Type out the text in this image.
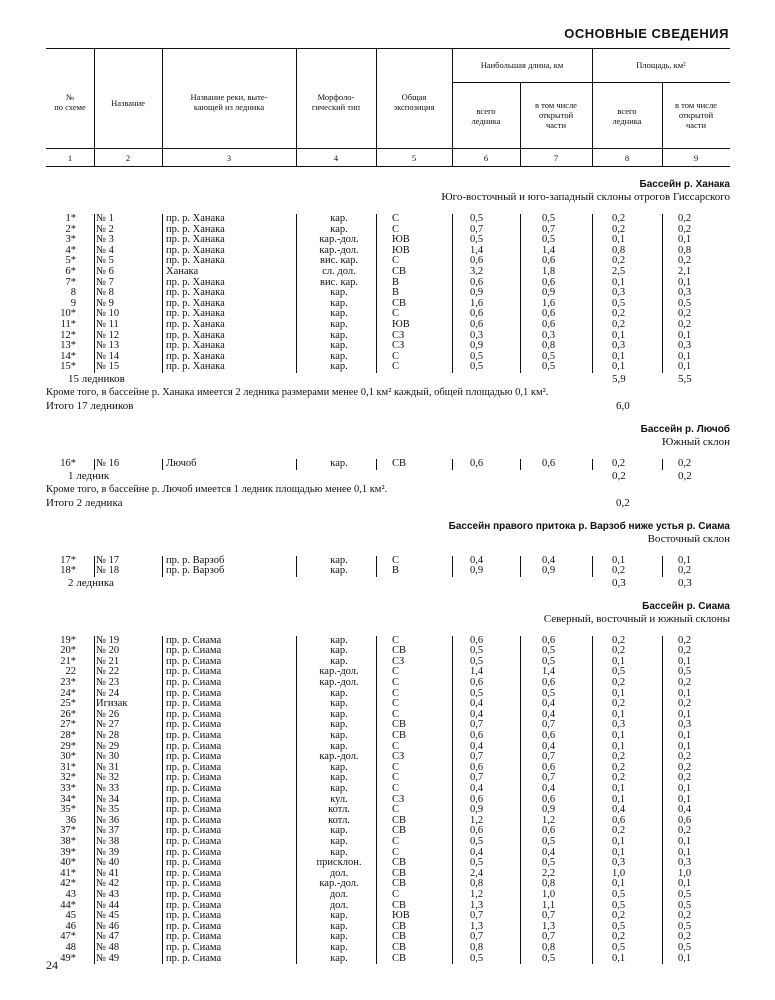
ОСНОВНЫЕ СВЕДЕНИЯ
№
по схеме	Название
Название реки, выте-
кающей из ледника
Морфоло-
гический тип
Общая
экспозиция
Наибольшая длина, км	Площадь, км²
всего
ледника
в том числе
открытой
части
всего
ледника
в том числе
открытой
части
1	2	3	4	5	6	7	8	9
Бассейн р. Ханака
Юго-восточный и юго-западный склоны отрогов Гиссарского
1* № 1	пр. р. Ханака	кар.	С	0,5	0,5	0,2	0,2
2* № 2	пр. р. Ханака	кар.	С	0,7	0,7	0,2	0,2
3* № 3	пр. р. Ханака	кар.-дол.	ЮВ	0,5	0,5	0,1	0,1
4* № 4	пр. р. Ханака	кар.-дол.	ЮВ	1,4	1,4	0,8	0,8
5* № 5	пр. р. Ханака	вис. кар.	С	0,6	0,6	0,2	0,2
6* № 6	Ханака	сл. дол.	СВ	3,2	1,8	2,5	2,1
7* № 7	пр. р. Ханака	вис. кар.	В	0,6	0,6	0,1	0,1
8 № 8	пр. р. Ханака	кар.	В	0,9	0,9	0,3	0,3
9 № 9	пр. р. Ханака	кар.	СВ	1,6	1,6	0,5	0,5
10* № 10	пр. р. Ханака	кар.	С	0,6	0,6	0,2	0,2
11* № 11	пр. р. Ханака	кар.	ЮВ	0,6	0,6	0,2	0,2
12* № 12	пр. р. Ханака	кар.	СЗ	0,3	0,3	0,1	0,1
13* № 13	пр. р. Ханака	кар.	СЗ	0,9	0,8	0,3	0,3
14* № 14	пр. р. Ханака	кар.	С	0,5	0,5	0,1	0,1
15* № 15	пр. р. Ханака	кар.	С	0,5	0,5	0,1	0,1
15 ледников	5,9	5,5
Кроме того, в бассейне р. Ханака имеется 2 ледника размерами менее 0,1 км² каждый, общей площадью 0,1 км².
Итого 17 ледников	6,0
Бассейн р. Лючоб
Южный склон
16* № 16	Лючоб	кар.	СВ	0,6	0,6	0,2	0,2
1 ледник	0,2	0,2
Кроме того, в бассейне р. Лючоб имеется 1 ледник площадью менее 0,1 км².
Итого 2 ледника	0,2
Бассейн правого притока р. Варзоб ниже устья р. Сиама
Восточный склон
17* № 17	пр. р. Варзоб	кар.	С	0,4	0,4	0,1	0,1
18* № 18	пр. р. Варзоб	кар.	В	0,9	0,9	0,2	0,2
2 ледника	0,3	0,3
Бассейн р. Сиама
Северный, восточный и южный склоны
19* № 19	пр. р. Сиама	кар.	С	0,6	0,6	0,2	0,2
20* № 20	пр. р. Сиама	кар.	СВ	0,5	0,5	0,2	0,2
21* № 21	пр. р. Сиама	кар.	СЗ	0,5	0,5	0,1	0,1
22 № 22	пр. р. Сиама	кар.-дол.	С	1,4	1,4	0,5	0,5
23* № 23	пр. р. Сиама	кар.-дол.	С	0,6	0,6	0,2	0,2
24* № 24	пр. р. Сиама	кар.	С	0,5	0,5	0,1	0,1
25* Игизак	пр. р. Сиама	кар.	С	0,4	0,4	0,2	0,2
26* № 26	пр. р. Сиама	кар.	С	0,4	0,4	0,1	0,1
27* № 27	пр. р. Сиама	кар.	СВ	0,7	0,7	0,3	0,3
28* № 28	пр. р. Сиама	кар.	СВ	0,6	0,6	0,1	0,1
29* № 29	пр. р. Сиама	кар.	С	0,4	0,4	0,1	0,1
30* № 30	пр. р. Сиама	кар.-дол.	СЗ	0,7	0,7	0,2	0,2
31* № 31	пр. р. Сиама	кар.	С	0,6	0,6	0,2	0,2
32* № 32	пр. р. Сиама	кар.	С	0,7	0,7	0,2	0,2
33* № 33	пр. р. Сиама	кар.	С	0,4	0,4	0,1	0,1
34* № 34	пр. р. Сиама	кул.	СЗ	0,6	0,6	0,1	0,1
35* № 35	пр. р. Сиама	котл.	С	0,9	0,9	0,4	0,4
36 № 36	пр. р. Сиама	котл.	СВ	1,2	1,2	0,6	0,6
37* № 37	пр. р. Сиама	кар.	СВ	0,6	0,6	0,2	0,2
38* № 38	пр. р. Сиама	кар.	С	0,5	0,5	0,1	0,1
39* № 39	пр. р. Сиама	кар.	С	0,4	0,4	0,1	0,1
40* № 40	пр. р. Сиама	присклон.	СВ	0,5	0,5	0,3	0,3
41* № 41	пр. р. Сиама	дол.	СВ	2,4	2,2	1,0	1,0
42* № 42	пр. р. Сиама	кар.-дол.	СВ	0,8	0,8	0,1	0,1
43 № 43	пр. р. Сиама	дол.	С	1,2	1,0	0,5	0,5
44* № 44	пр. р. Сиама	дол.	СВ	1,3	1,1	0,5	0,5
45 № 45	пр. р. Сиама	кар.	ЮВ	0,7	0,7	0,2	0,2
46 № 46	пр. р. Сиама	кар.	СВ	1,3	1,3	0,5	0,5
47* № 47	пр. р. Сиама	кар.	СВ	0,7	0,7	0,2	0,2
48 № 48	пр. р. Сиама	кар.	СВ	0,8	0,8	0,5	0,5
49* № 49	пр. р. Сиама	кар.	СВ	0,5	0,5	0,1	0,1
24
